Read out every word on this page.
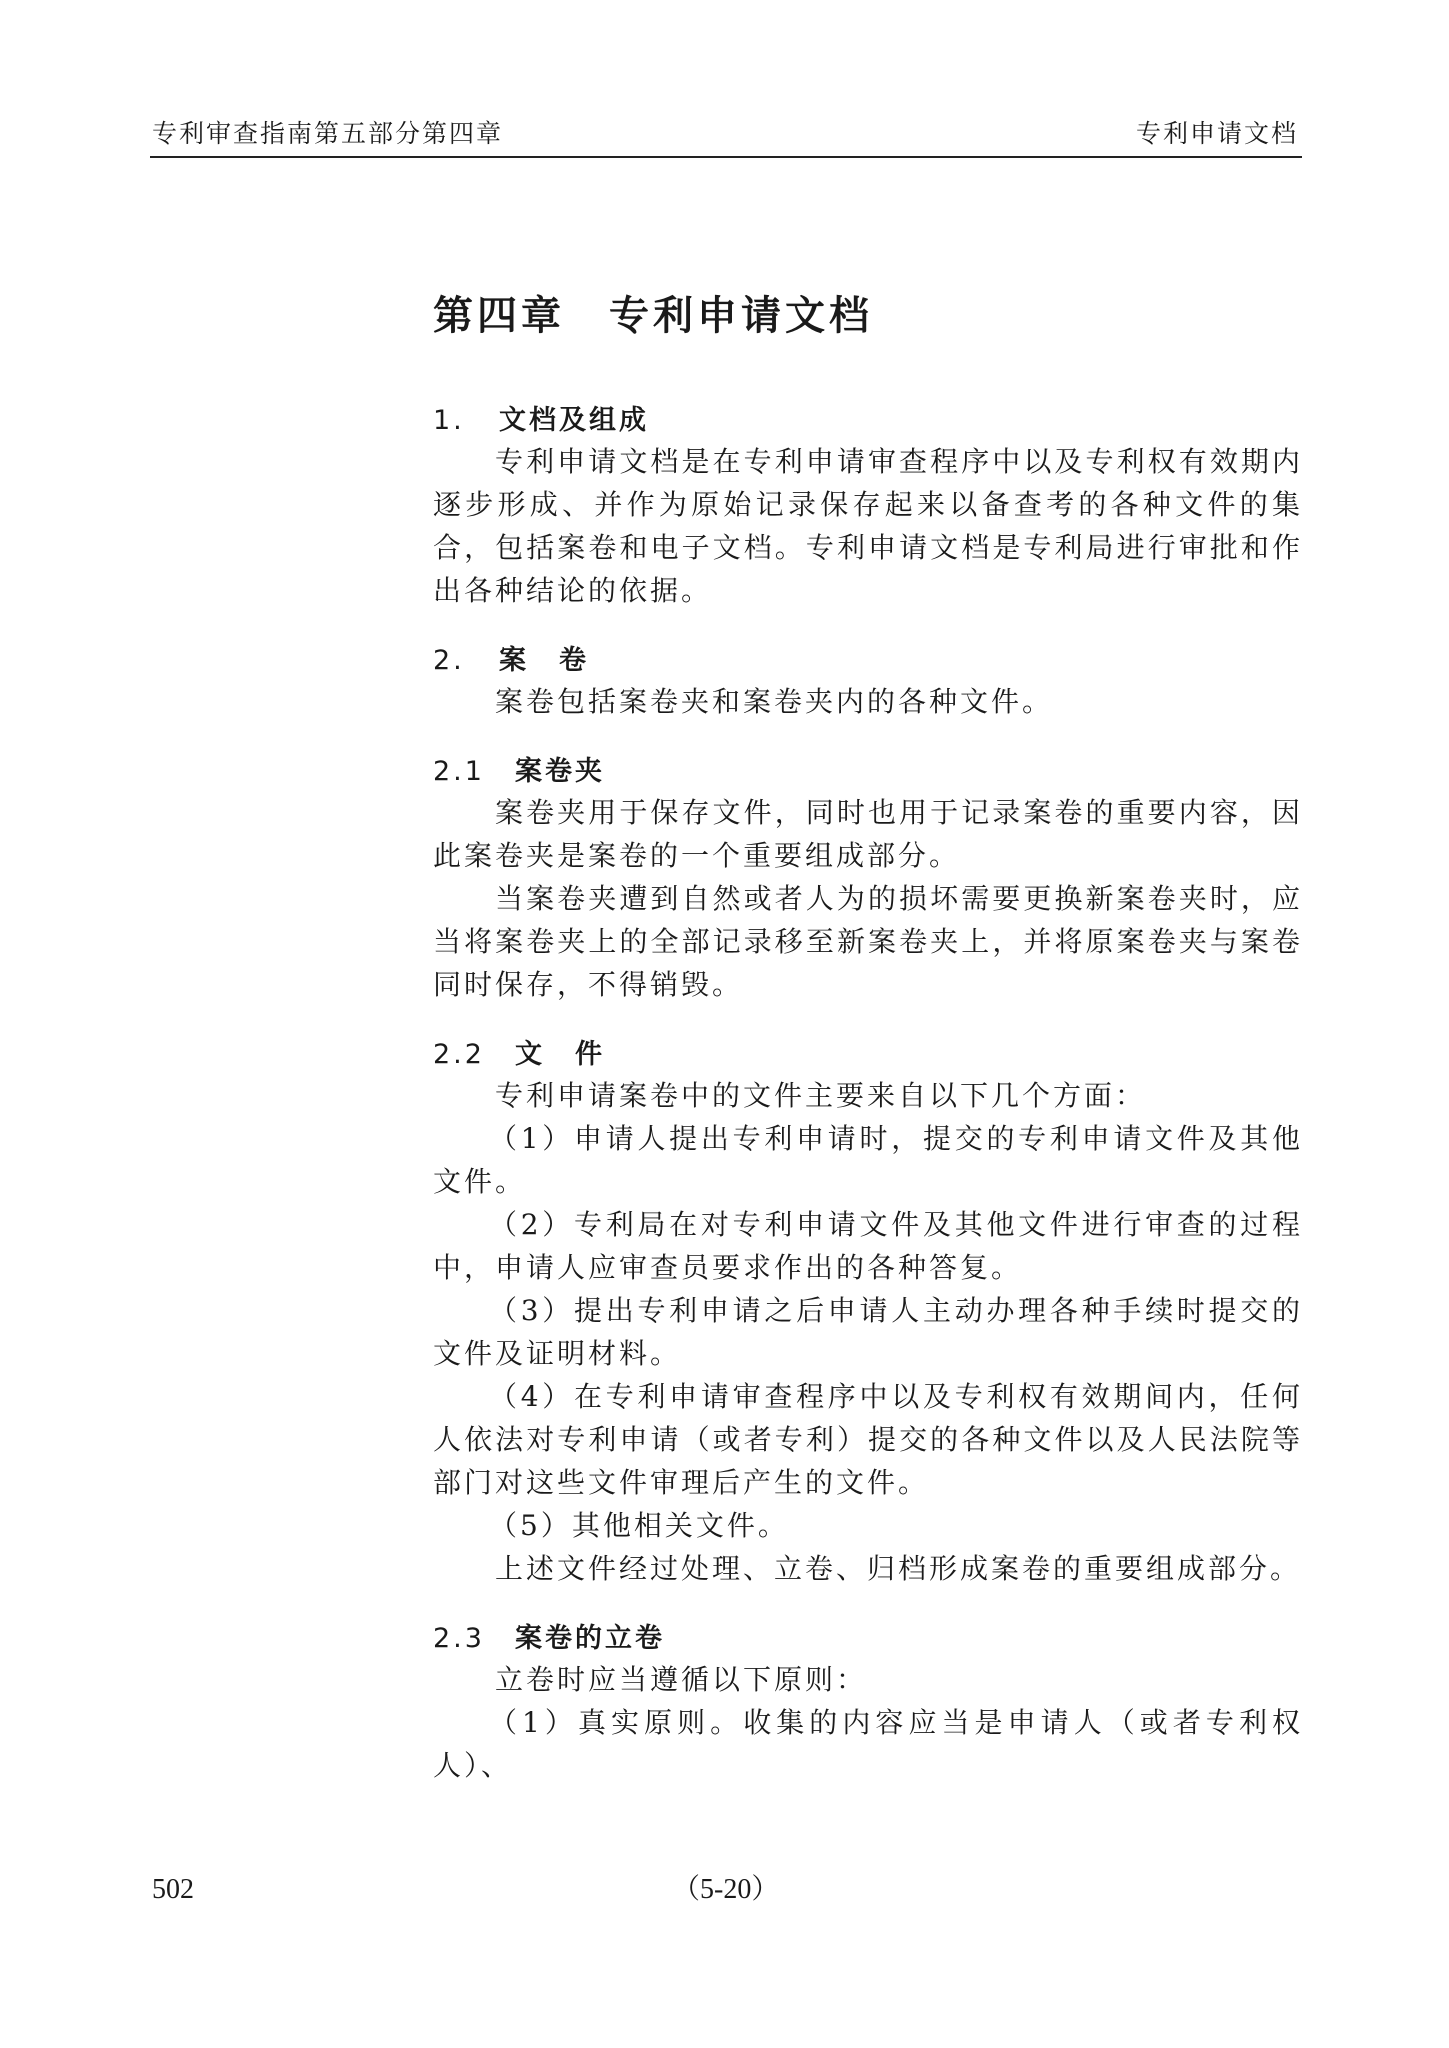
专利审查指南第五部分第四章	专利申请文档
第四章 专利申请文档
1. 文档及组成

专利申请文档是在专利申请审查程序中以及专利权有效期内逐步形成、并作为原始记录保存起来以备查考的各种文件的集合，包括案卷和电子文档。专利申请文档是专利局进行审批和作出各种结论的依据。

2. 案　卷

案卷包括案卷夹和案卷夹内的各种文件。

2.1 案卷夹

案卷夹用于保存文件，同时也用于记录案卷的重要内容，因此案卷夹是案卷的一个重要组成部分。

当案卷夹遭到自然或者人为的损坏需要更换新案卷夹时，应当将案卷夹上的全部记录移至新案卷夹上，并将原案卷夹与案卷同时保存，不得销毁。

2.2 文　件

专利申请案卷中的文件主要来自以下几个方面：

（1）申请人提出专利申请时，提交的专利申请文件及其他文件。

（2）专利局在对专利申请文件及其他文件进行审查的过程中，申请人应审查员要求作出的各种答复。

（3）提出专利申请之后申请人主动办理各种手续时提交的文件及证明材料。

（4）在专利申请审查程序中以及专利权有效期间内，任何人依法对专利申请（或者专利）提交的各种文件以及人民法院等部门对这些文件审理后产生的文件。

（5）其他相关文件。

上述文件经过处理、立卷、归档形成案卷的重要组成部分。

2.3 案卷的立卷

立卷时应当遵循以下原则：

（1）真实原则。收集的内容应当是申请人（或者专利权人）、

502	（5-20）
